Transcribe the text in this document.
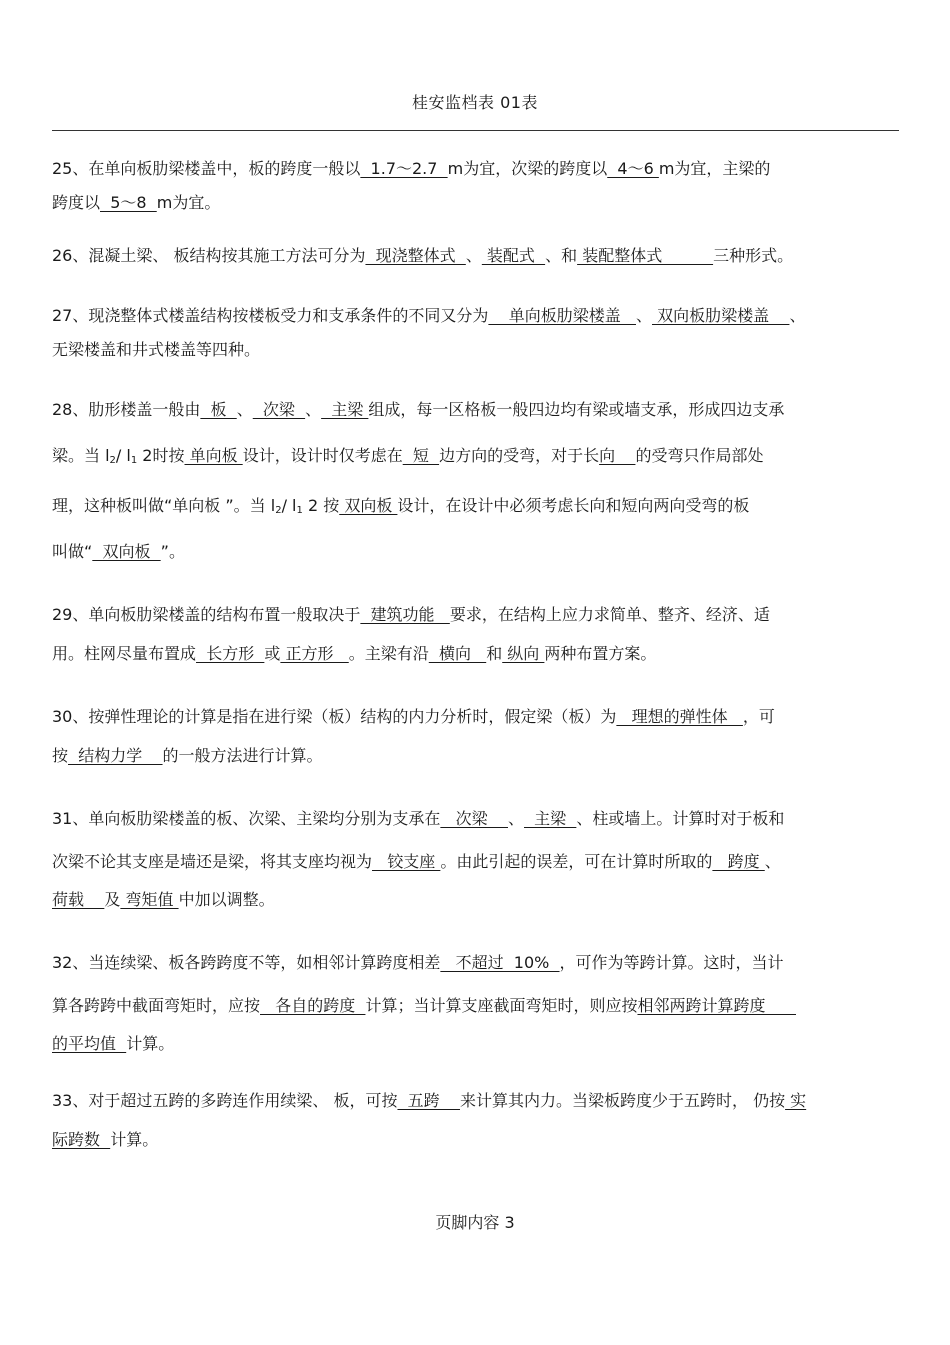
桂安监档表 01表
25、在单向板肋梁楼盖中，板的跨度一般以  1.7～2.7  m为宜，次梁的跨度以  4～6 m为宜，主梁的
跨度以  5～8  m为宜。
26、混凝土梁、 板结构按其施工方法可分为  现浇整体式  、 装配式  、和 装配整体式          三种形式。
27、现浇整体式楼盖结构按楼板受力和支承条件的不同又分为    单向板肋梁楼盖   、 双向板肋梁楼盖    、
无梁楼盖和井式楼盖等四种。
28、肋形楼盖一般由  板  、  次梁  、  主梁 组成，每一区格板一般四边均有梁或墙支承，形成四边支承
梁。当 $l_2/$ $l_1$ 2时按 单向板 设计，设计时仅考虑在  短  边方向的受弯，对于长向    的受弯只作局部处
理，这种板叫做“单向板 ”。当 $l_2/$ $l_1$ 2 按 双向板 设计，在设计中必须考虑长向和短向两向受弯的板
叫做“  双向板  ”。
29、单向板肋梁楼盖的结构布置一般取决于  建筑功能   要求，在结构上应力求简单、整齐、经济、适
用。柱网尽量布置成  长方形  或 正方形   。主梁有沿  横向   和 纵向 两种布置方案。
30、按弹性理论的计算是指在进行梁（板）结构的内力分析时，假定梁（板）为   理想的弹性体   ，可
按  结构力学    的一般方法进行计算。
31、单向板肋梁楼盖的板、次梁、主梁均分别为支承在   次梁    、  主梁  、柱或墙上。计算时对于板和
次梁不论其支座是墙还是梁，将其支座均视为   铰支座 。由此引起的误差，可在计算时所取的   跨度 、
荷载    及 弯矩值 中加以调整。
32、当连续梁、板各跨跨度不等，如相邻计算跨度相差   不超过  10%  ，可作为等跨计算。这时，当计
算各跨跨中截面弯矩时，应按   各自的跨度  计算；当计算支座截面弯矩时，则应按相邻两跨计算跨度
的平均值  计算。
33、对于超过五跨的多跨连作用续梁、 板，可按  五跨    来计算其内力。当梁板跨度少于五跨时， 仍按 实
际跨数  计算。
页脚内容 3
